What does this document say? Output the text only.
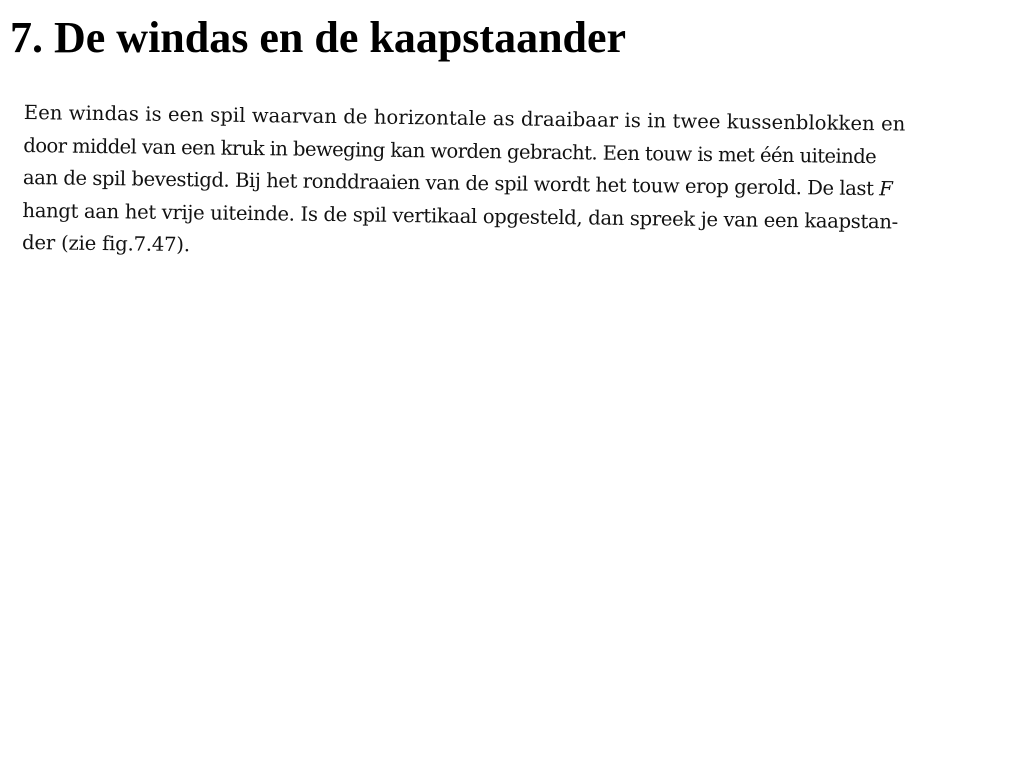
7. De windas en de kaapstaander
Een windas is een spil waarvan de horizontale as draaibaar is in twee kussenblokken en
door middel van een kruk in beweging kan worden gebracht. Een touw is met één uiteinde
aan de spil bevestigd. Bij het ronddraaien van de spil wordt het touw erop gerold. De last F
hangt aan het vrije uiteinde. Is de spil vertikaal opgesteld, dan spreek je van een kaapstan-
der (zie fig.7.47).
